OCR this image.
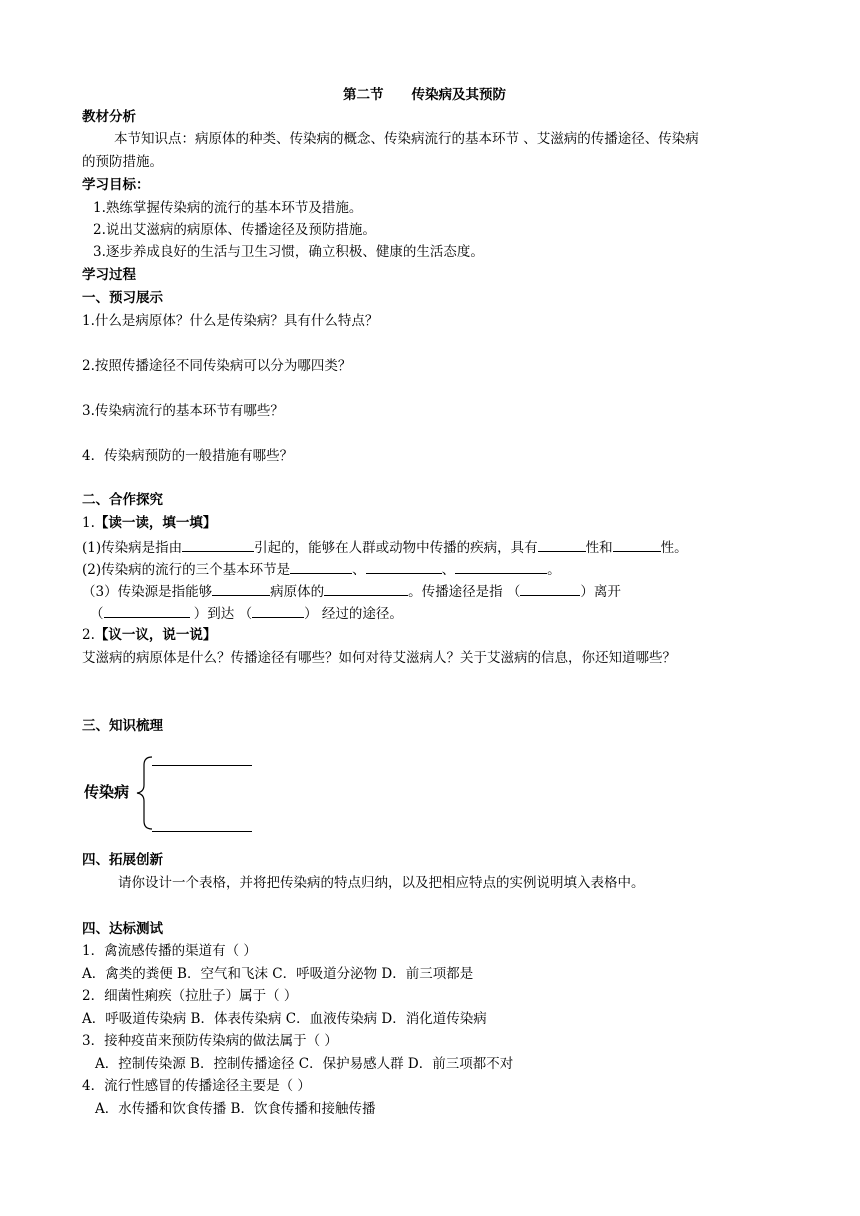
第二节 传染病及其预防
教材分析
本节知识点：病原体的种类、传染病的概念、传染病流行的基本环节 、艾滋病的传播途径、传染病
的预防措施。
学习目标：
1.熟练掌握传染病的流行的基本环节及措施。
2.说出艾滋病的病原体、传播途径及预防措施。
3.逐步养成良好的生活与卫生习惯，确立积极、健康的生活态度。
学习过程
一、预习展示
1.什么是病原体？什么是传染病？具有什么特点？
2.按照传播途径不同传染病可以分为哪四类？
3.传染病流行的基本环节有哪些？
4．传染病预防的一般措施有哪些？
二、合作探究
1.【读一读，填一填】
(1)传染病是指由	引起的，能够在人群或动物中传播的疾病，具有	性和	性。
(2)传染病的流行的三个基本环节是	、	、	。
（3）传染源是指能够	病原体的	。传播途径是指 （	）离开
（	）到达 （	） 经过的途径。
2.【议一议，说一说】
艾滋病的病原体是什么？传播途径有哪些？如何对待艾滋病人？关于艾滋病的信息，你还知道哪些？
三、知识梳理
传染病
四、拓展创新
请你设计一个表格，并将把传染病的特点归纳，以及把相应特点的实例说明填入表格中。
四、达标测试
1．禽流感传播的渠道有（ ）
A．禽类的粪便 B．空气和飞沫 C．呼吸道分泌物 D．前三项都是
2．细菌性痢疾（拉肚子）属于（ ）
A．呼吸道传染病 B．体表传染病 C．血液传染病 D．消化道传染病
3．接种疫苗来预防传染病的做法属于（ ）
A．控制传染源 B．控制传播途径 C．保护易感人群 D．前三项都不对
4．流行性感冒的传播途径主要是（ ）
A．水传播和饮食传播 B．饮食传播和接触传播
